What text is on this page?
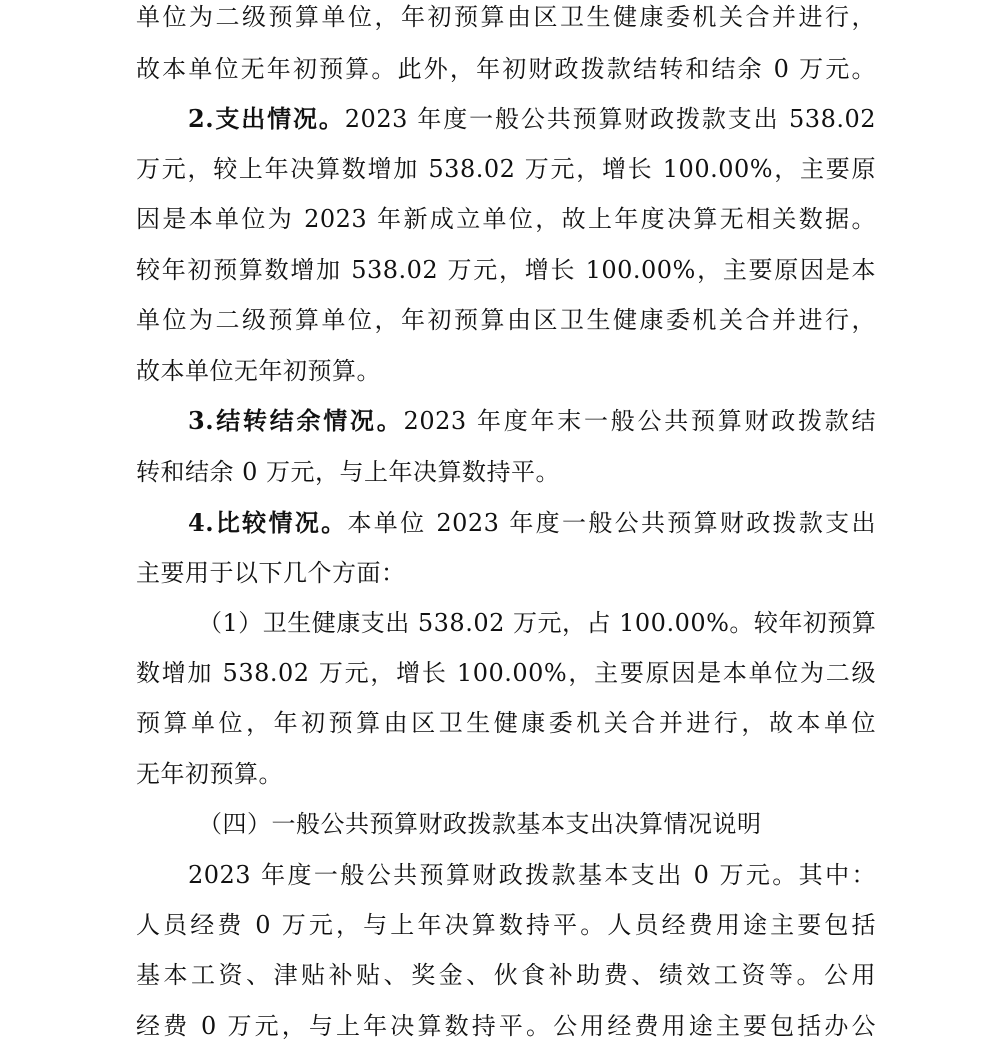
单位为二级预算单位，年初预算由区卫生健康委机关合并进行，
故本单位无年初预算。此外，年初财政拨款结转和结余 0 万元。
2.支出情况。2023 年度一般公共预算财政拨款支出 538.02
万元，较上年决算数增加 538.02 万元，增长 100.00%，主要原
因是本单位为 2023 年新成立单位，故上年度决算无相关数据。
较年初预算数增加 538.02 万元，增长 100.00%，主要原因是本
单位为二级预算单位，年初预算由区卫生健康委机关合并进行，
故本单位无年初预算。
3.结转结余情况。2023 年度年末一般公共预算财政拨款结
转和结余 0 万元，与上年决算数持平。
4.比较情况。本单位 2023 年度一般公共预算财政拨款支出
主要用于以下几个方面：
（1）卫生健康支出 538.02 万元，占 100.00%。较年初预算
数增加 538.02 万元，增长 100.00%，主要原因是本单位为二级
预算单位，年初预算由区卫生健康委机关合并进行，故本单位
无年初预算。
（四）一般公共预算财政拨款基本支出决算情况说明
2023 年度一般公共预算财政拨款基本支出 0 万元。其中：
人员经费 0 万元，与上年决算数持平。人员经费用途主要包括
基本工资、津贴补贴、奖金、伙食补助费、绩效工资等。公用
经费 0 万元，与上年决算数持平。公用经费用途主要包括办公
